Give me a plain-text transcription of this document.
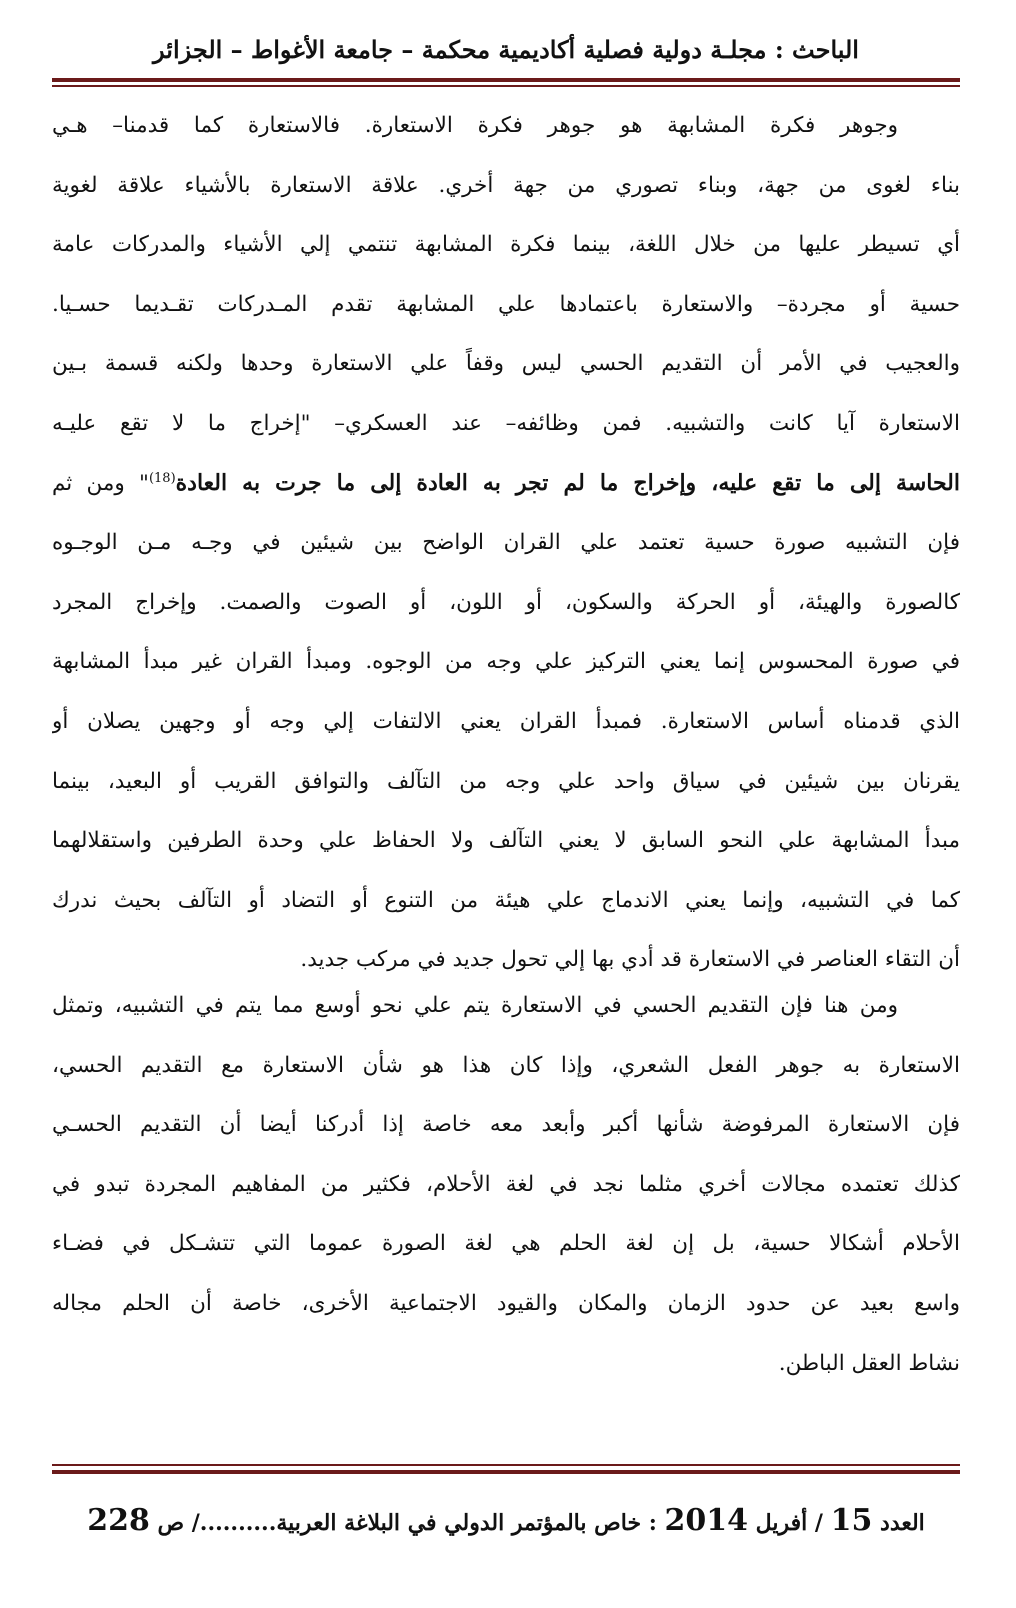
الباحث : مجلـة دولية فصلية أكاديمية محكمة – جامعة الأغواط – الجزائر
وجوهر فكرة المشابهة هو جوهر فكرة الاستعارة. فالاستعارة كما قدمنا– هـي
بناء لغوى من جهة، وبناء تصوري من جهة أخري. علاقة الاستعارة بالأشياء علاقة لغوية
أي تسيطر عليها من خلال اللغة، بينما فكرة المشابهة تنتمي إلي الأشياء والمدركات عامة
حسية أو مجردة– والاستعارة باعتمادها علي المشابهة تقدم المـدركات تقـديما حسـيا.
والعجيب في الأمر أن التقديم الحسي ليس وقفاً علي الاستعارة وحدها ولكنه قسمة بـين
الاستعارة آيا كانت والتشبيه. فمن وظائفه– عند العسكري– "إخراج ما لا تقع عليـه
الحاسة إلى ما تقع عليه، وإخراج ما لم تجر به العادة إلى ما جرت به العادة$^{(18)}$" ومن ثم
فإن التشبيه صورة حسية تعتمد علي القران الواضح بين شيئين في وجـه مـن الوجـوه
كالصورة والهيئة، أو الحركة والسكون، أو اللون، أو الصوت والصمت. وإخراج المجرد
في صورة المحسوس إنما يعني التركيز علي وجه من الوجوه. ومبدأ القران غير مبدأ المشابهة
الذي قدمناه أساس الاستعارة. فمبدأ القران يعني الالتفات إلي وجه أو وجهين يصلان أو
يقرنان بين شيئين في سياق واحد علي وجه من التآلف والتوافق القريب أو البعيد، بينما
مبدأ المشابهة علي النحو السابق لا يعني التآلف ولا الحفاظ علي وحدة الطرفين واستقلالهما
كما في التشبيه، وإنما يعني الاندماج علي هيئة من التنوع أو التضاد أو التآلف بحيث ندرك
أن التقاء العناصر في الاستعارة قد أدي بها إلي تحول جديد في مركب جديد.
ومن هنا فإن التقديم الحسي في الاستعارة يتم علي نحو أوسع مما يتم في التشبيه، وتمثل
الاستعارة به جوهر الفعل الشعري، وإذا كان هذا هو شأن الاستعارة مع التقديم الحسي،
فإن الاستعارة المرفوضة شأنها أكبر وأبعد معه خاصة إذا أدركنا أيضا أن التقديم الحسـي
كذلك تعتمده مجالات أخري مثلما نجد في لغة الأحلام، فكثير من المفاهيم المجردة تبدو في
الأحلام أشكالا حسية، بل إن لغة الحلم هي لغة الصورة عموما التي تتشـكل في فضـاء
واسع بعيد عن حدود الزمان والمكان والقيود الاجتماعية الأخرى، خاصة أن الحلم مجاله
نشاط العقل الباطن.
العدد 15 / أفريل 2014 : خاص بالمؤتمر الدولي في البلاغة العربية........../ ص 228
